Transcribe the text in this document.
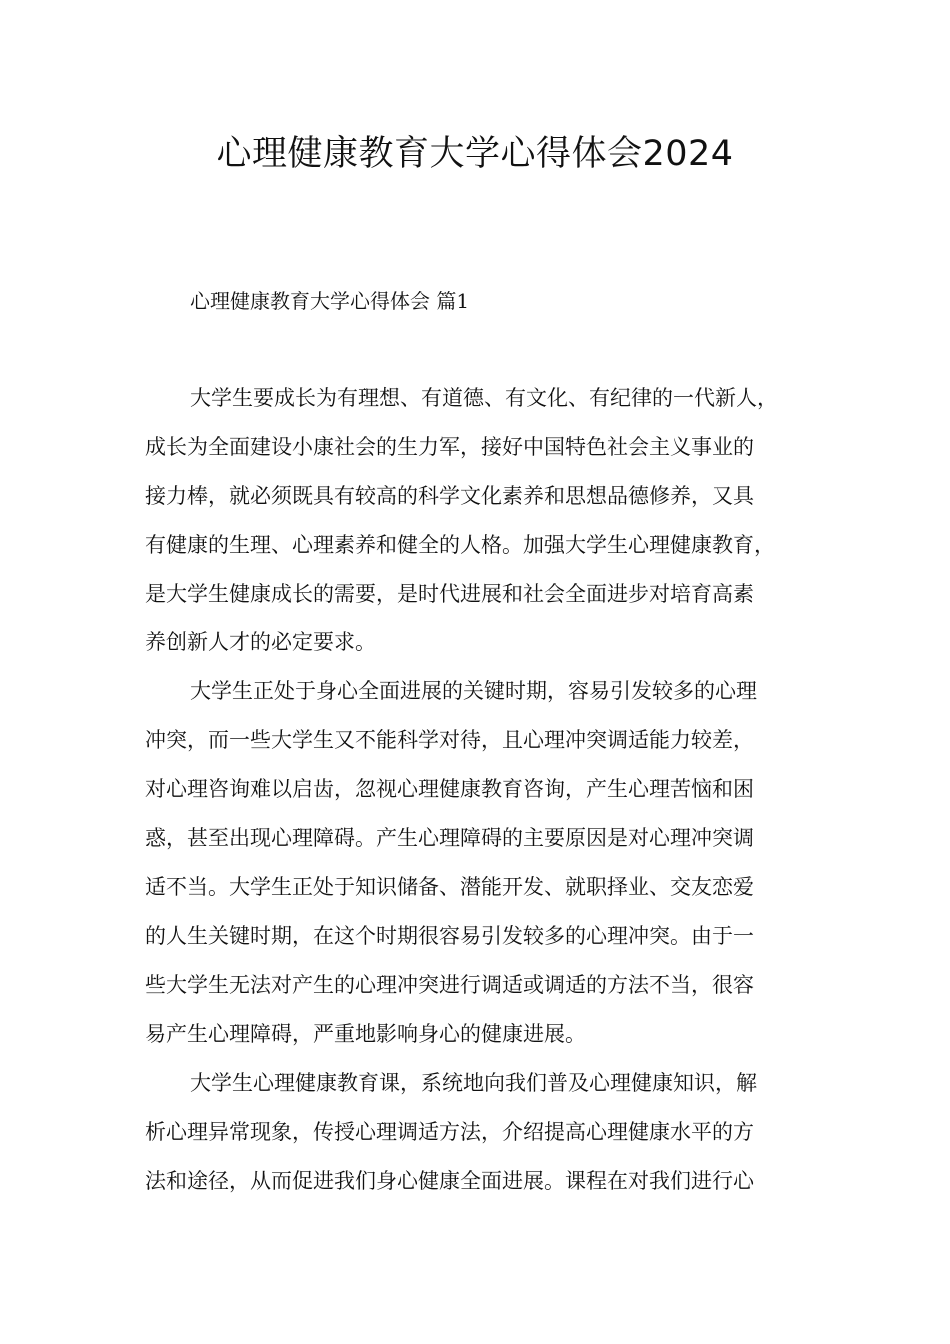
心理健康教育大学心得体会2024

心理健康教育大学心得体会 篇1

大学生要成长为有理想、有道德、有文化、有纪律的一代新人，

成长为全面建设小康社会的生力军，接好中国特色社会主义事业的

接力棒，就必须既具有较高的科学文化素养和思想品德修养，又具

有健康的生理、心理素养和健全的人格。加强大学生心理健康教育，

是大学生健康成长的需要，是时代进展和社会全面进步对培育高素

养创新人才的必定要求。

大学生正处于身心全面进展的关键时期，容易引发较多的心理

冲突，而一些大学生又不能科学对待，且心理冲突调适能力较差，

对心理咨询难以启齿，忽视心理健康教育咨询，产生心理苦恼和困

惑，甚至出现心理障碍。产生心理障碍的主要原因是对心理冲突调

适不当。大学生正处于知识储备、潜能开发、就职择业、交友恋爱

的人生关键时期，在这个时期很容易引发较多的心理冲突。由于一

些大学生无法对产生的心理冲突进行调适或调适的方法不当，很容

易产生心理障碍，严重地影响身心的健康进展。

大学生心理健康教育课，系统地向我们普及心理健康知识，解

析心理异常现象，传授心理调适方法，介绍提高心理健康水平的方

法和途径，从而促进我们身心健康全面进展。课程在对我们进行心
